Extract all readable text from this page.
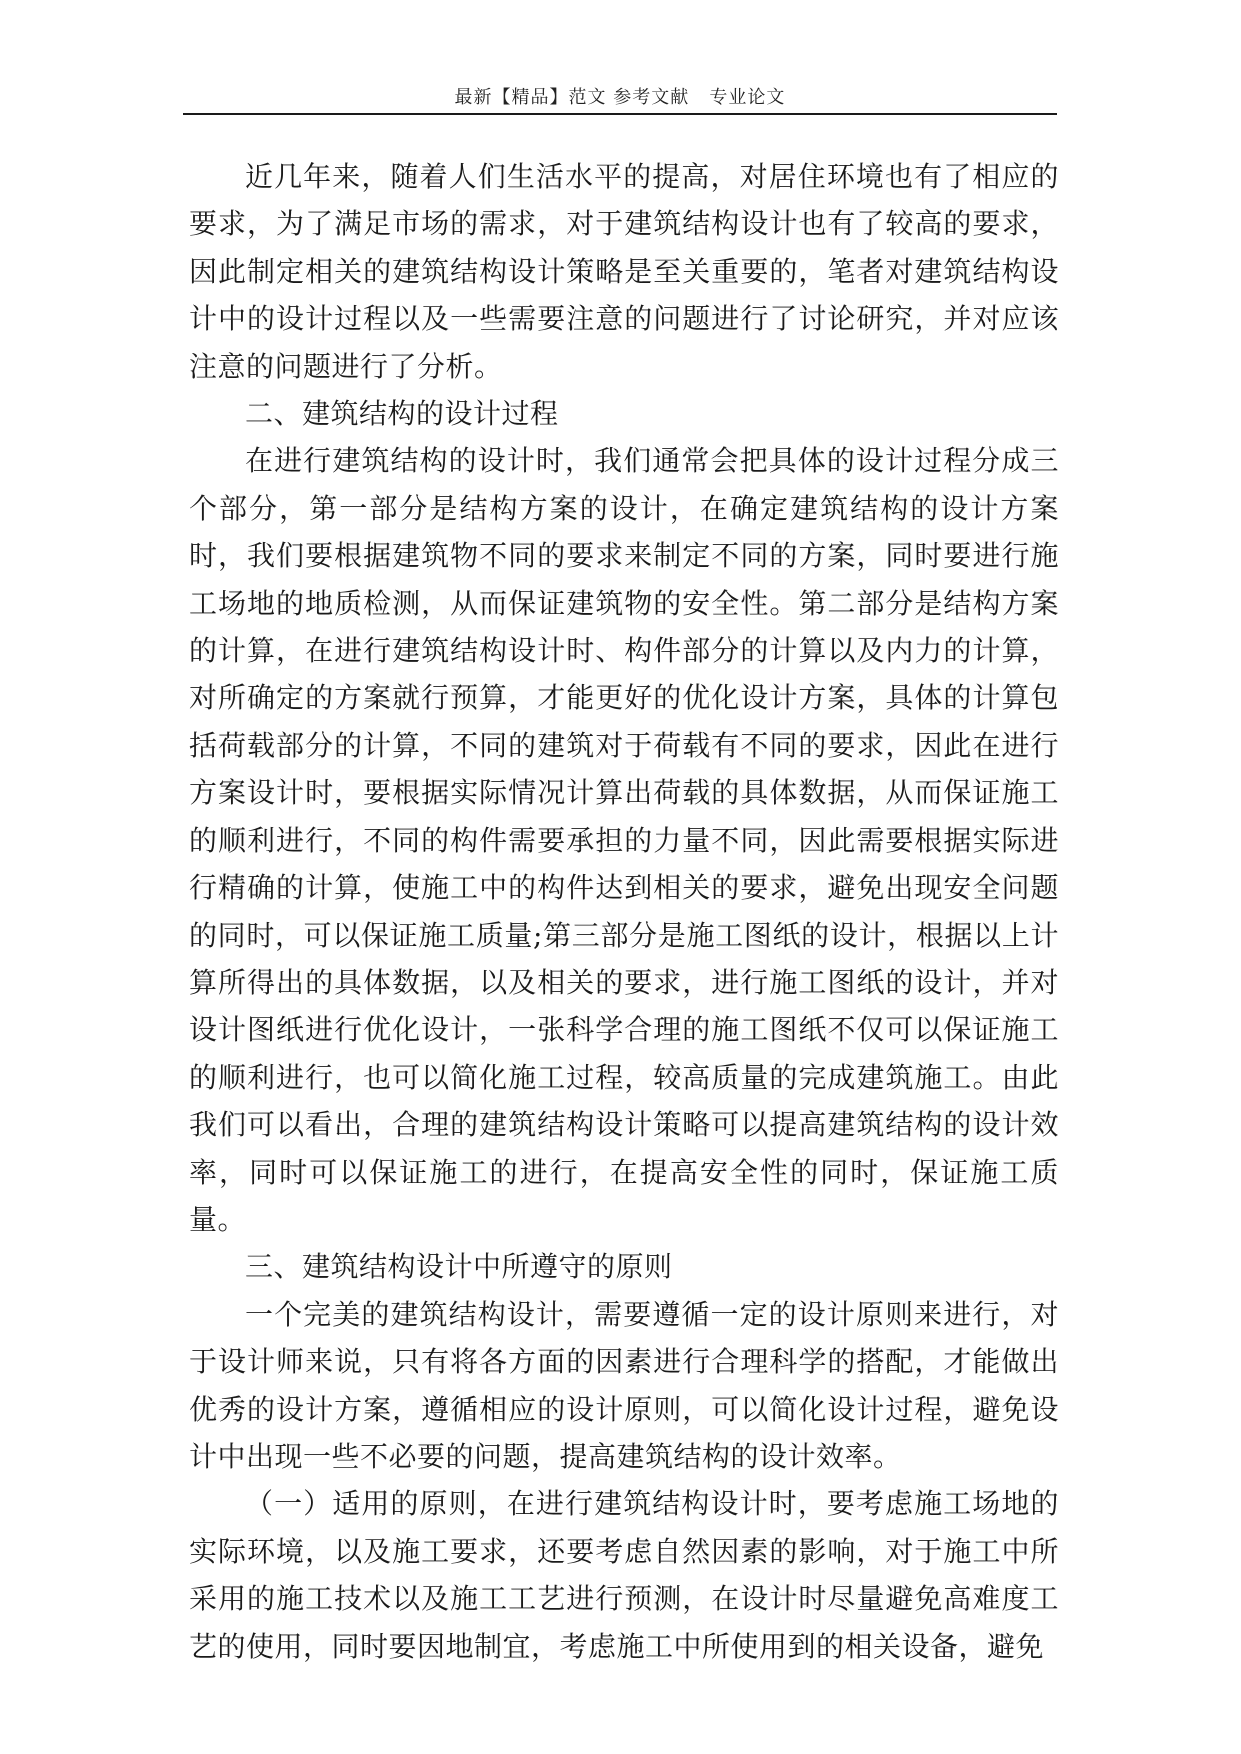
最新【精品】范文 参考文献   专业论文

近几年来，随着人们生活水平的提高，对居住环境也有了相应的要求，为了满足市场的需求，对于建筑结构设计也有了较高的要求，因此制定相关的建筑结构设计策略是至关重要的，笔者对建筑结构设计中的设计过程以及一些需要注意的问题进行了讨论研究，并对应该注意的问题进行了分析。

二、建筑结构的设计过程

在进行建筑结构的设计时，我们通常会把具体的设计过程分成三个部分，第一部分是结构方案的设计，在确定建筑结构的设计方案时，我们要根据建筑物不同的要求来制定不同的方案，同时要进行施工场地的地质检测，从而保证建筑物的安全性。第二部分是结构方案的计算，在进行建筑结构设计时、构件部分的计算以及内力的计算，对所确定的方案就行预算，才能更好的优化设计方案，具体的计算包括荷载部分的计算，不同的建筑对于荷载有不同的要求，因此在进行方案设计时，要根据实际情况计算出荷载的具体数据，从而保证施工的顺利进行，不同的构件需要承担的力量不同，因此需要根据实际进行精确的计算，使施工中的构件达到相关的要求，避免出现安全问题的同时，可以保证施工质量;第三部分是施工图纸的设计，根据以上计算所得出的具体数据，以及相关的要求，进行施工图纸的设计，并对设计图纸进行优化设计，一张科学合理的施工图纸不仅可以保证施工的顺利进行，也可以简化施工过程，较高质量的完成建筑施工。由此我们可以看出，合理的建筑结构设计策略可以提高建筑结构的设计效率，同时可以保证施工的进行，在提高安全性的同时，保证施工质量。

三、建筑结构设计中所遵守的原则

一个完美的建筑结构设计，需要遵循一定的设计原则来进行，对于设计师来说，只有将各方面的因素进行合理科学的搭配，才能做出优秀的设计方案，遵循相应的设计原则，可以简化设计过程，避免设计中出现一些不必要的问题，提高建筑结构的设计效率。

（一）适用的原则，在进行建筑结构设计时，要考虑施工场地的实际环境，以及施工要求，还要考虑自然因素的影响，对于施工中所采用的施工技术以及施工工艺进行预测，在设计时尽量避免高难度工艺的使用，同时要因地制宜，考虑施工中所使用到的相关设备，避免
